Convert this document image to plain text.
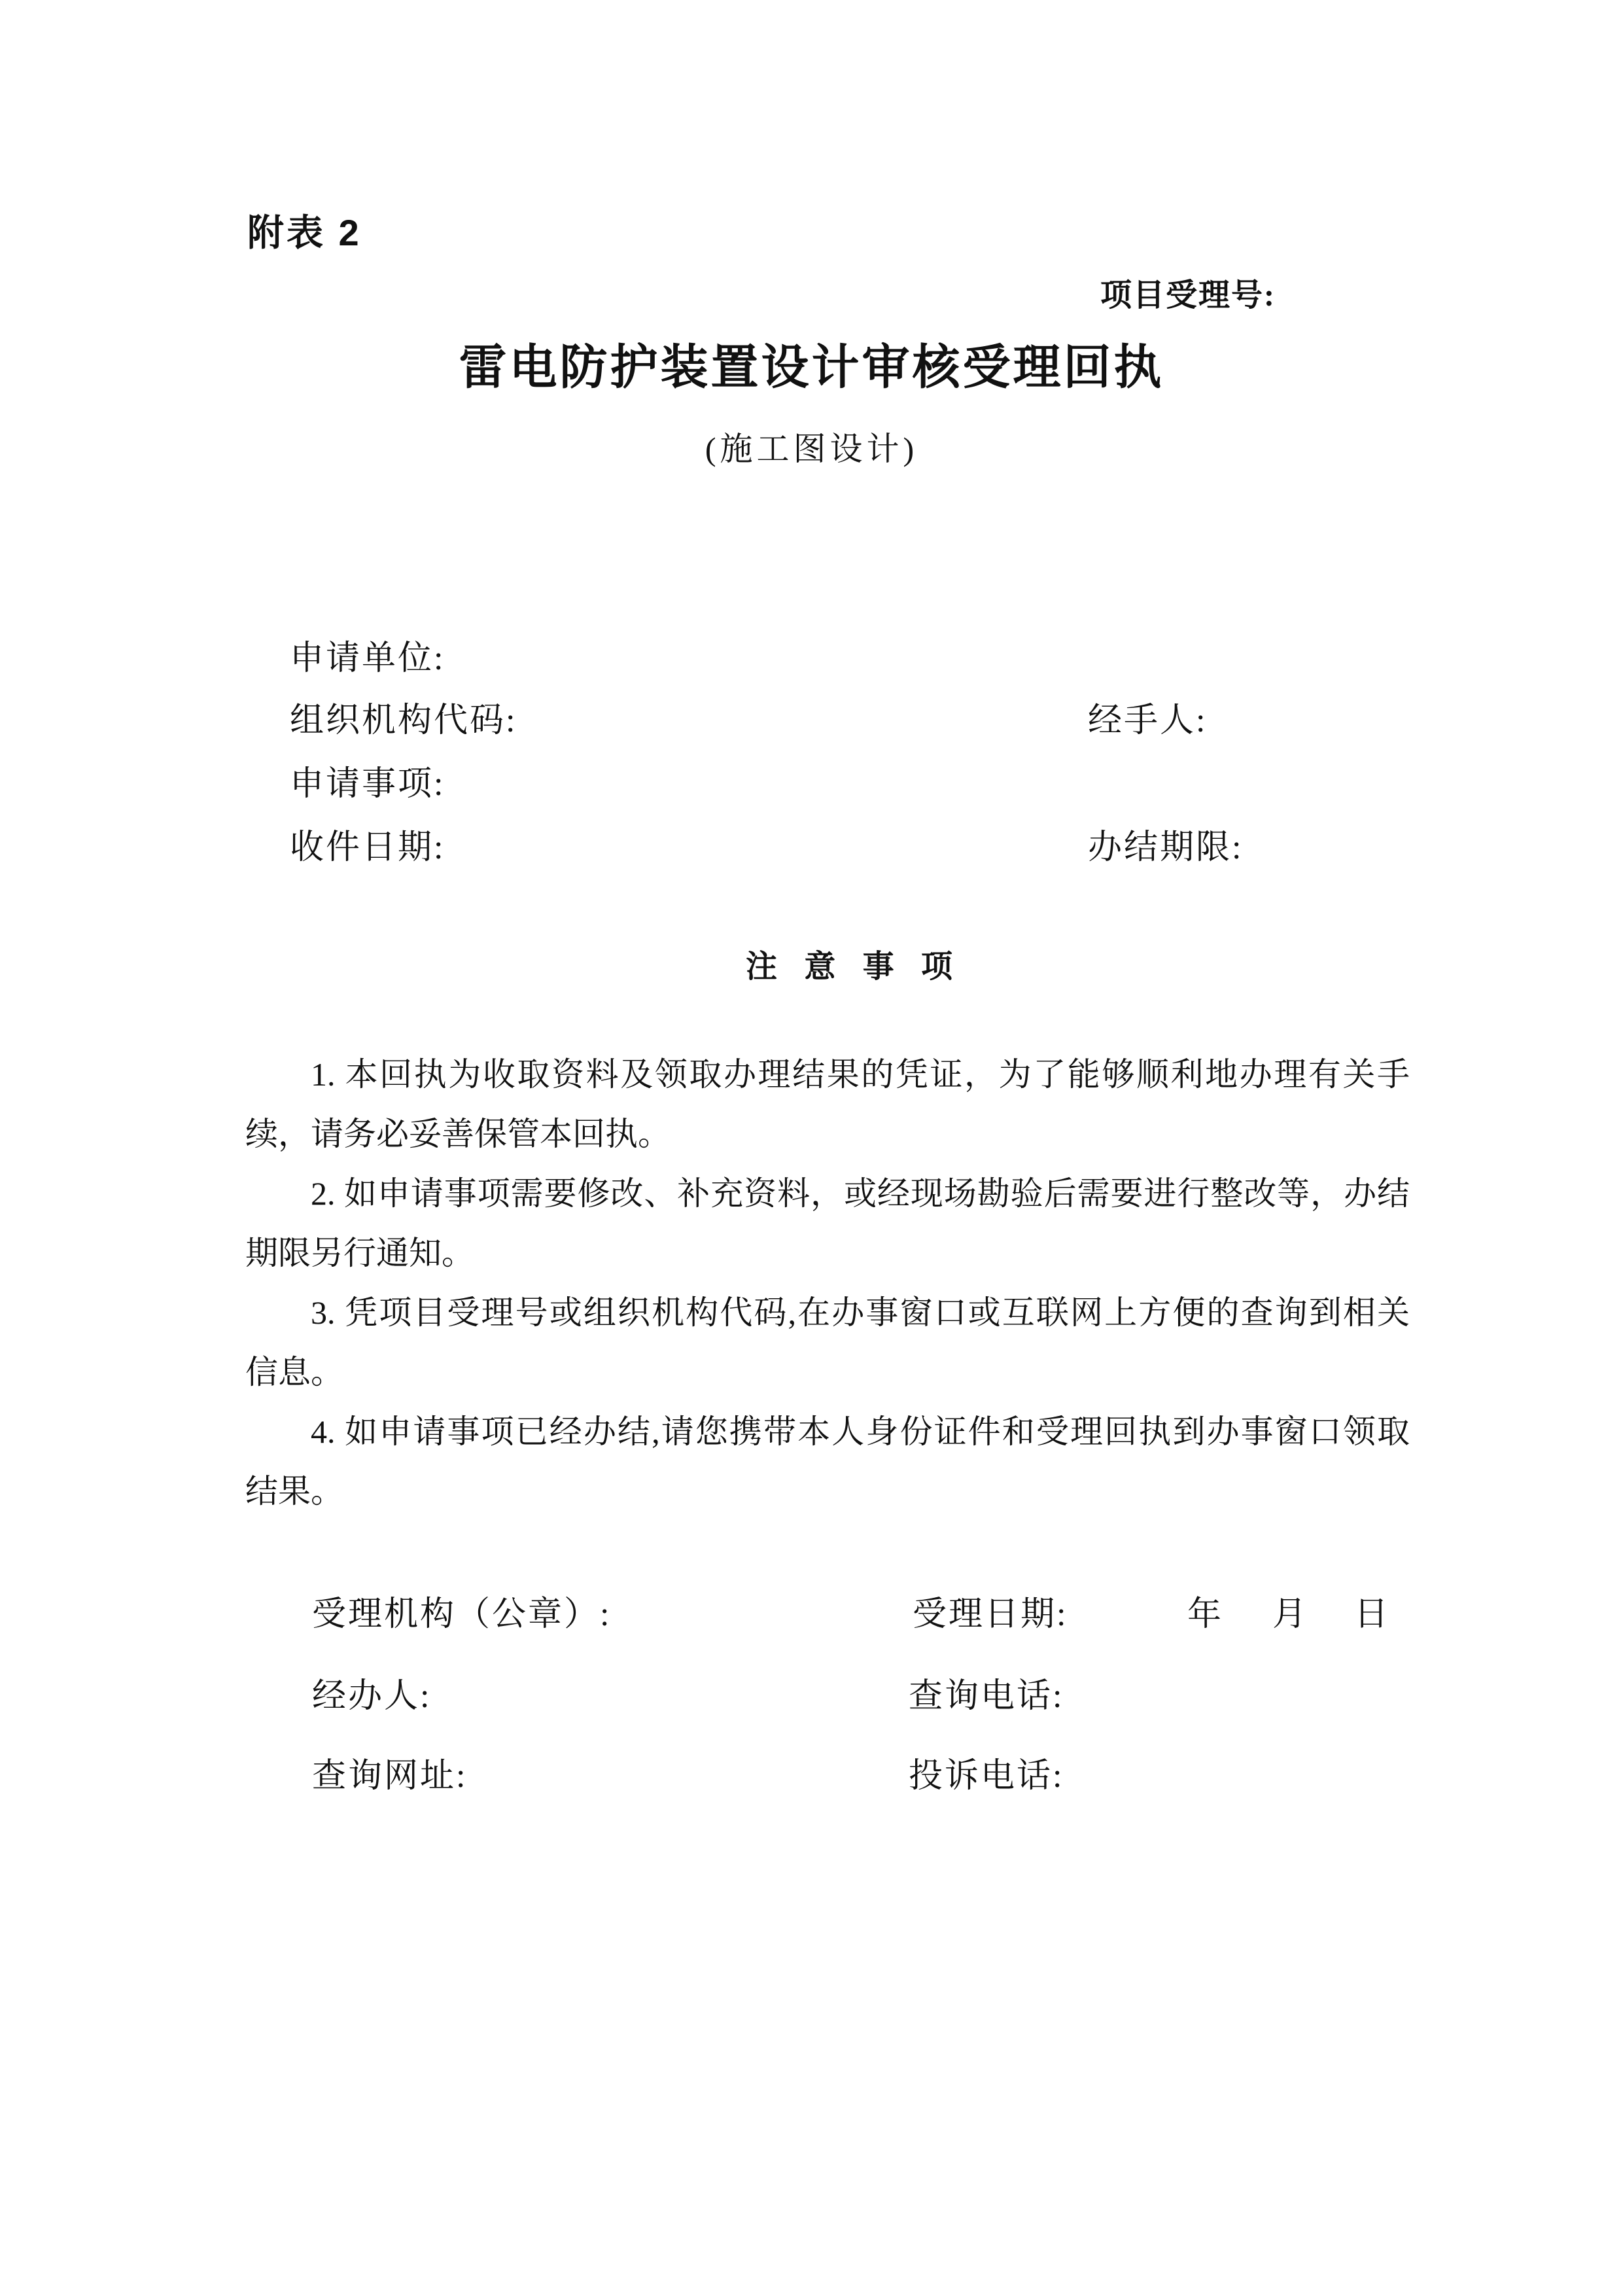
附表 2
项目受理号:
雷电防护装置设计审核受理回执
(施工图设计)
申请单位:
组织机构代码:	经手人:
申请事项:
收件日期:	办结期限:
注 意 事 项
1. 本回执为收取资料及领取办理结果的凭证，为了能够顺利地办理有关手
续，请务必妥善保管本回执。
2. 如申请事项需要修改、补充资料，或经现场勘验后需要进行整改等，办结
期限另行通知。
3. 凭项目受理号或组织机构代码,在办事窗口或互联网上方便的查询到相关
信息。
4. 如申请事项已经办结,请您携带本人身份证件和受理回执到办事窗口领取
结果。
受理机构（公章）:	受理日期:	年 月 日
经办人:	查询电话:
查询网址:	投诉电话:
